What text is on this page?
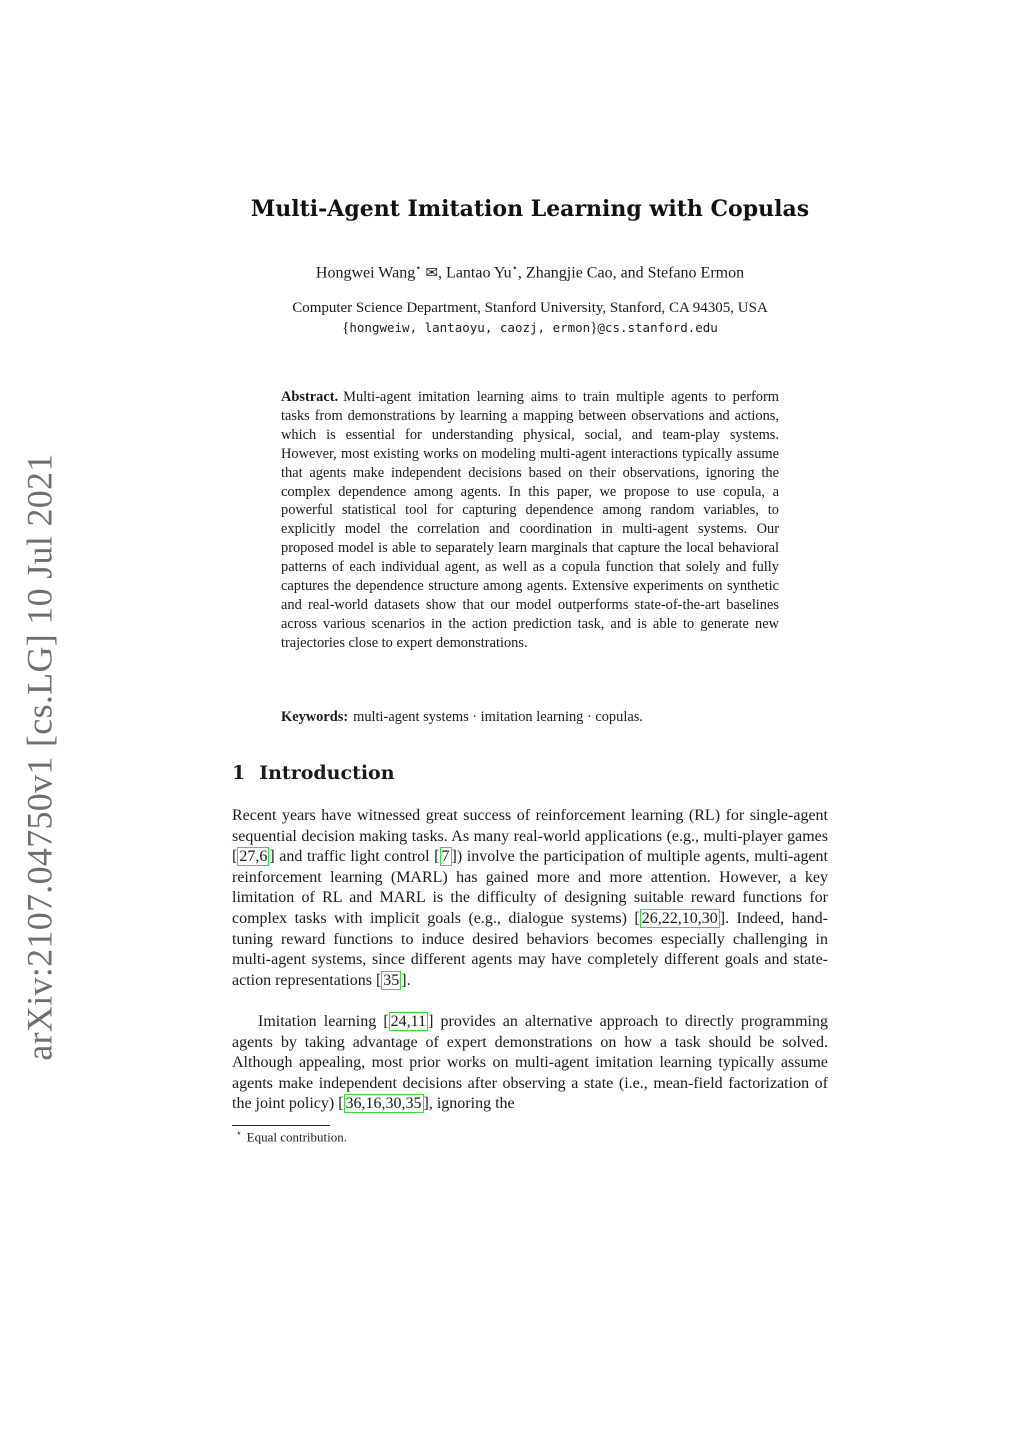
arXiv:2107.04750v1 [cs.LG] 10 Jul 2021
Multi-Agent Imitation Learning with Copulas
Hongwei Wang⋆ ✉, Lantao Yu⋆, Zhangjie Cao, and Stefano Ermon
Computer Science Department, Stanford University, Stanford, CA 94305, USA
{hongweiw, lantaoyu, caozj, ermon}@cs.stanford.edu
Abstract. Multi-agent imitation learning aims to train multiple agents to perform tasks from demonstrations by learning a mapping between observations and actions, which is essential for understanding physical, social, and team-play systems. However, most existing works on modeling multi-agent interactions typically assume that agents make independent decisions based on their observations, ignoring the complex dependence among agents. In this paper, we propose to use copula, a powerful statistical tool for capturing dependence among random variables, to explicitly model the correlation and coordination in multi-agent systems. Our proposed model is able to separately learn marginals that capture the local behavioral patterns of each individual agent, as well as a copula function that solely and fully captures the dependence structure among agents. Extensive experiments on synthetic and real-world datasets show that our model outperforms state-of-the-art baselines across various scenarios in the action prediction task, and is able to generate new trajectories close to expert demonstrations.
Keywords: multi-agent systems · imitation learning · copulas.
1 Introduction
Recent years have witnessed great success of reinforcement learning (RL) for single-agent sequential decision making tasks. As many real-world applications (e.g., multi-player games [ 27,6 ] and traffic light control [ 7 ]) involve the participation of multiple agents, multi-agent reinforcement learning (MARL) has gained more and more attention. However, a key limitation of RL and MARL is the difficulty of designing suitable reward functions for complex tasks with implicit goals (e.g., dialogue systems) [ 26,22,10,30 ]. Indeed, hand-tuning reward functions to induce desired behaviors becomes especially challenging in multi-agent systems, since different agents may have completely different goals and state-action representations [ 35 ].
Imitation learning [ 24,11 ] provides an alternative approach to directly programming agents by taking advantage of expert demonstrations on how a task should be solved. Although appealing, most prior works on multi-agent imitation learning typically assume agents make independent decisions after observing a state (i.e., mean-field factorization of the joint policy) [ 36,16,30,35 ], ignoring the
⋆ Equal contribution.
